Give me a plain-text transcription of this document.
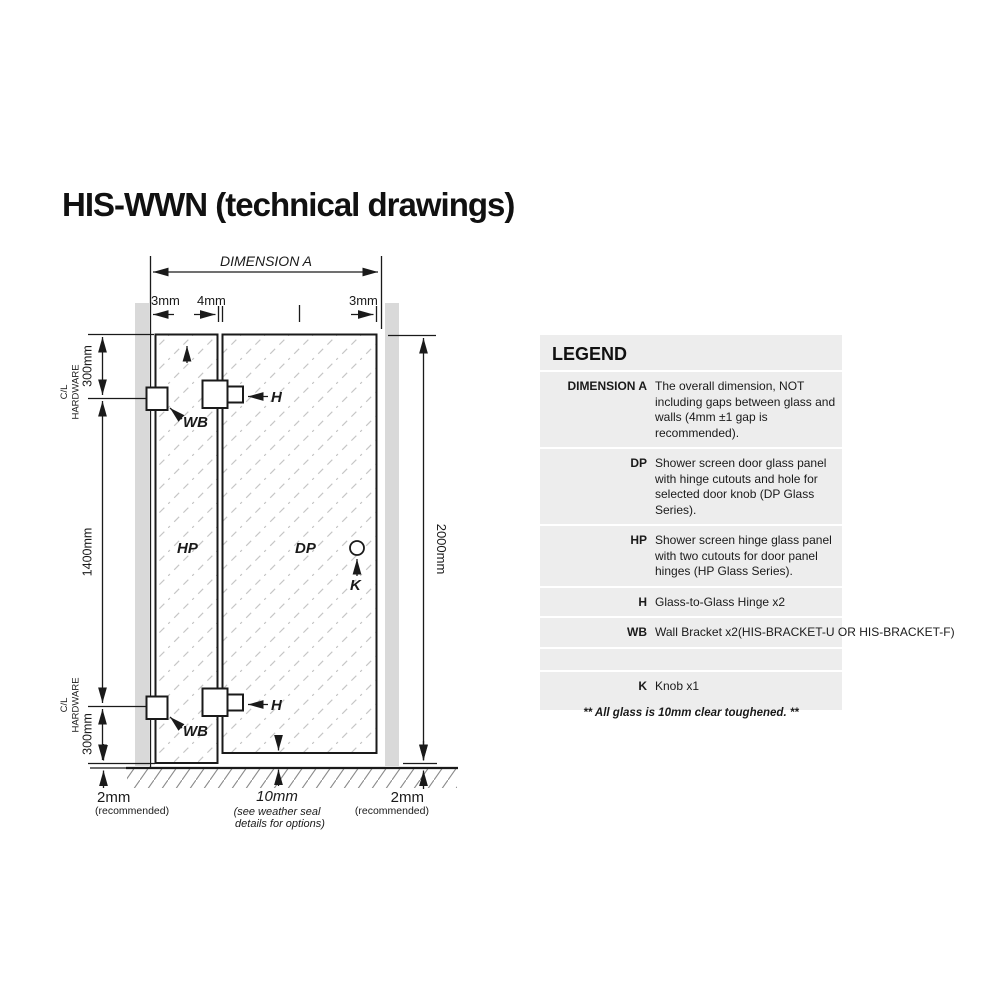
HIS-WWN (technical drawings)
DIMENSION A
3mm 4mm	3mm
300mm
1400mm
300mm
C/L HARDWARE
C/L HARDWARE
2mm
(recommended)
2000mm
2mm
(recommended)
10mm
(see weather seal
details for options)
H
H
WB
WB
HP	DP
K
LEGEND
DIMENSION A The overall dimension, NOT including gaps between glass and walls (4mm ±1 gap is recommended).
DP Shower screen door glass panel with hinge cutouts and hole for selected door knob (DP Glass Series).
HP Shower screen hinge glass panel with two cutouts for door panel hinges (HP Glass Series).
H Glass-to-Glass Hinge x2
WB Wall Bracket x2(HIS-BRACKET-U OR HIS-BRACKET-F)
K Knob x1
** All glass is 10mm clear toughened. **
